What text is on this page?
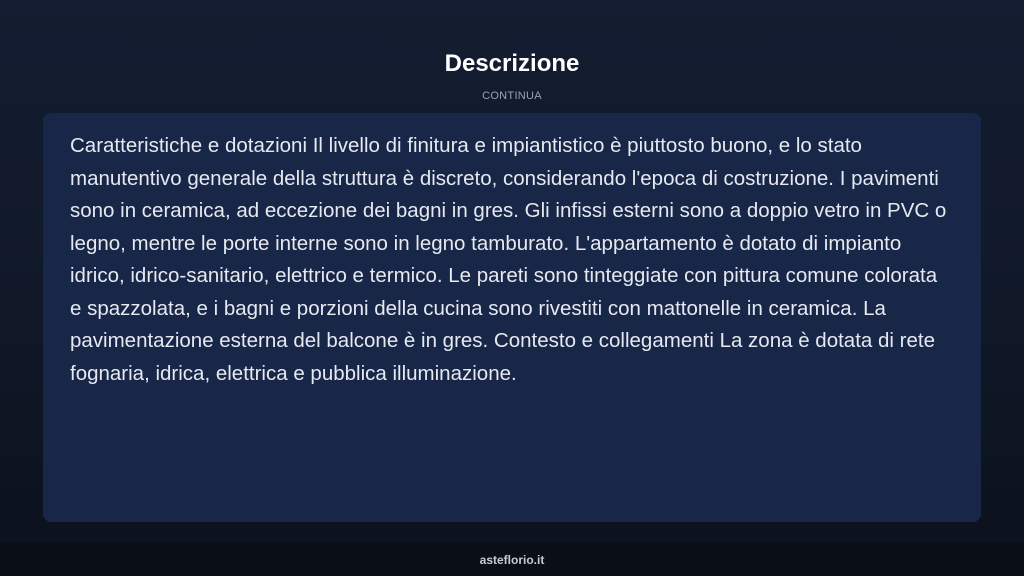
Descrizione
CONTINUA

Caratteristiche e dotazioni Il livello di finitura e impiantistico è piuttosto buono, e lo stato manutentivo generale della struttura è discreto, considerando l'epoca di costruzione. I pavimenti sono in ceramica, ad eccezione dei bagni in gres. Gli infissi esterni sono a doppio vetro in PVC o legno, mentre le porte interne sono in legno tamburato. L'appartamento è dotato di impianto idrico, idrico-sanitario, elettrico e termico. Le pareti sono tinteggiate con pittura comune colorata e spazzolata, e i bagni e porzioni della cucina sono rivestiti con mattonelle in ceramica. La pavimentazione esterna del balcone è in gres. Contesto e collegamenti La zona è dotata di rete fognaria, idrica, elettrica e pubblica illuminazione.

asteflorio.it
